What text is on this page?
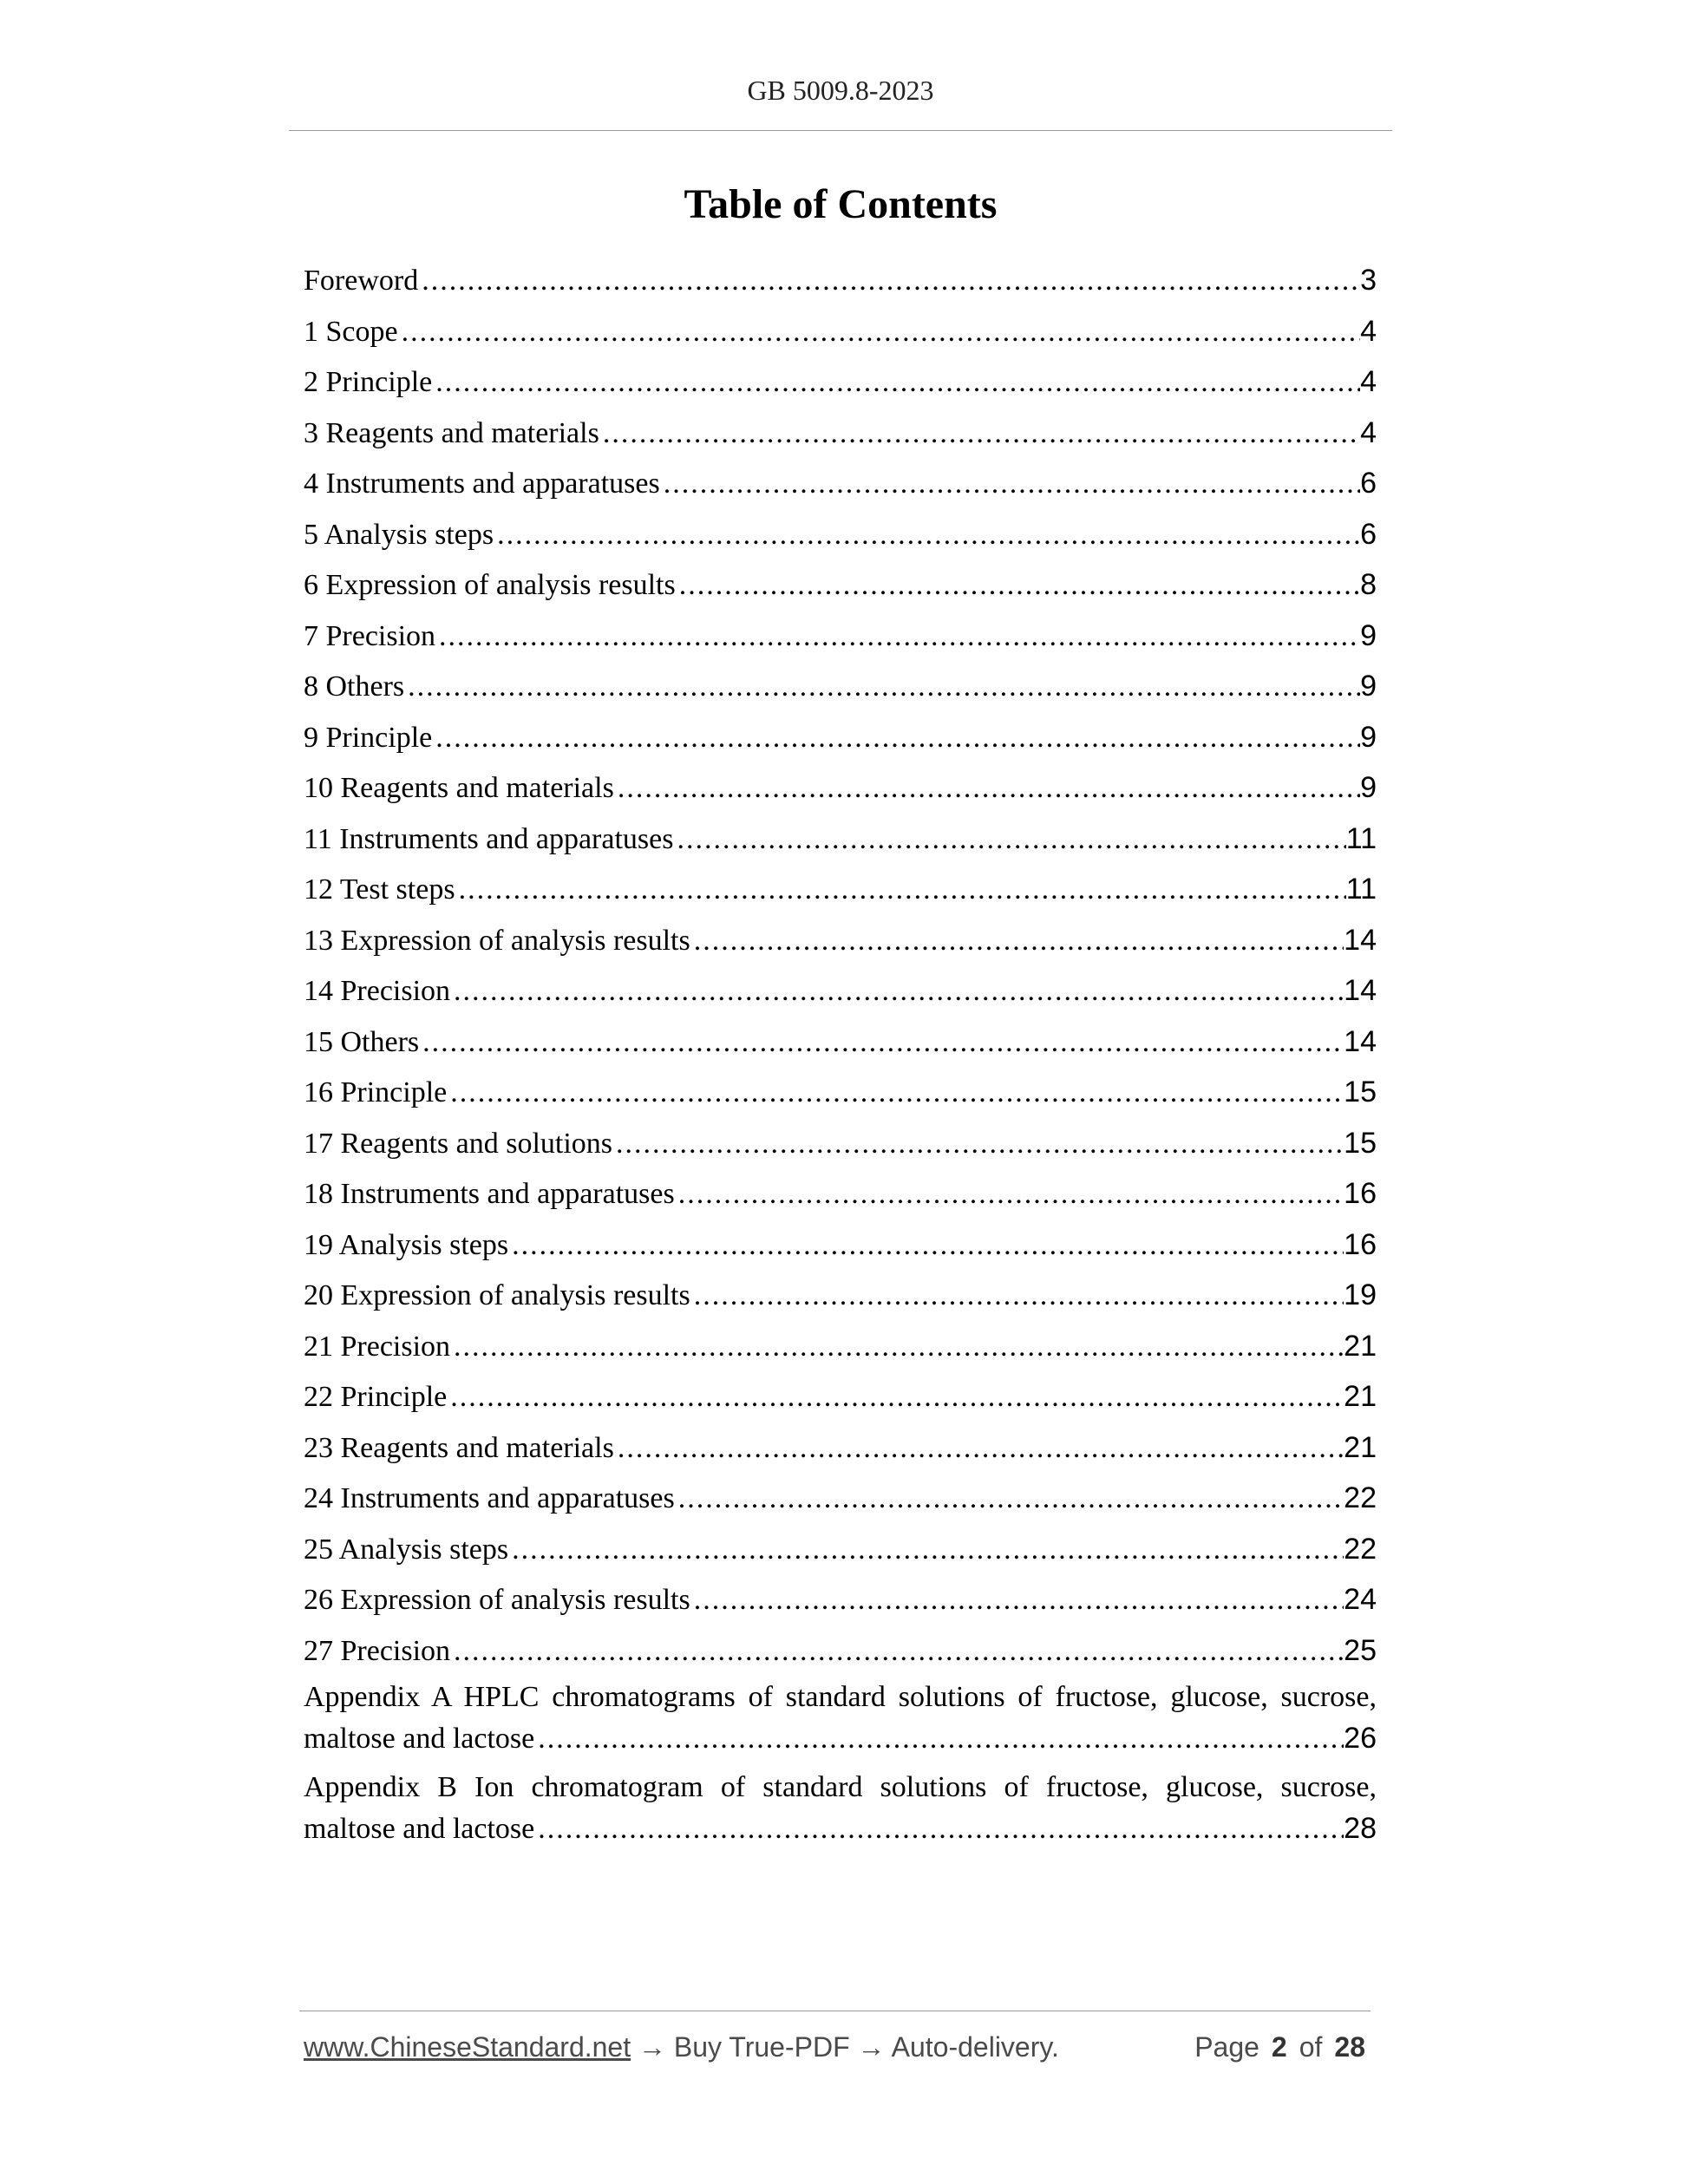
GB 5009.8-2023
Table of Contents
Foreword .....	3
1 Scope .....	4
2 Principle .....	4
3 Reagents and materials .....	4
4 Instruments and apparatuses .....	6
5 Analysis steps .....	6
6 Expression of analysis results .....	8
7 Precision .....	9
8 Others .....	9
9 Principle .....	9
10 Reagents and materials .....	9
11 Instruments and apparatuses .....	11
12 Test steps .....	11
13 Expression of analysis results .....	14
14 Precision .....	14
15 Others .....	14
16 Principle .....	15
17 Reagents and solutions .....	15
18 Instruments and apparatuses .....	16
19 Analysis steps .....	16
20 Expression of analysis results .....	19
21 Precision .....	21
22 Principle .....	21
23 Reagents and materials .....	21
24 Instruments and apparatuses .....	22
25 Analysis steps .....	22
26 Expression of analysis results .....	24
27 Precision .....	25
Appendix A HPLC chromatograms of standard solutions of fructose, glucose, sucrose,
maltose and lactose .....	26
Appendix B Ion chromatogram of standard solutions of fructose, glucose, sucrose,
maltose and lactose .....	28
www.ChineseStandard.net → Buy True-PDF → Auto-delivery.	Page 2 of 28
